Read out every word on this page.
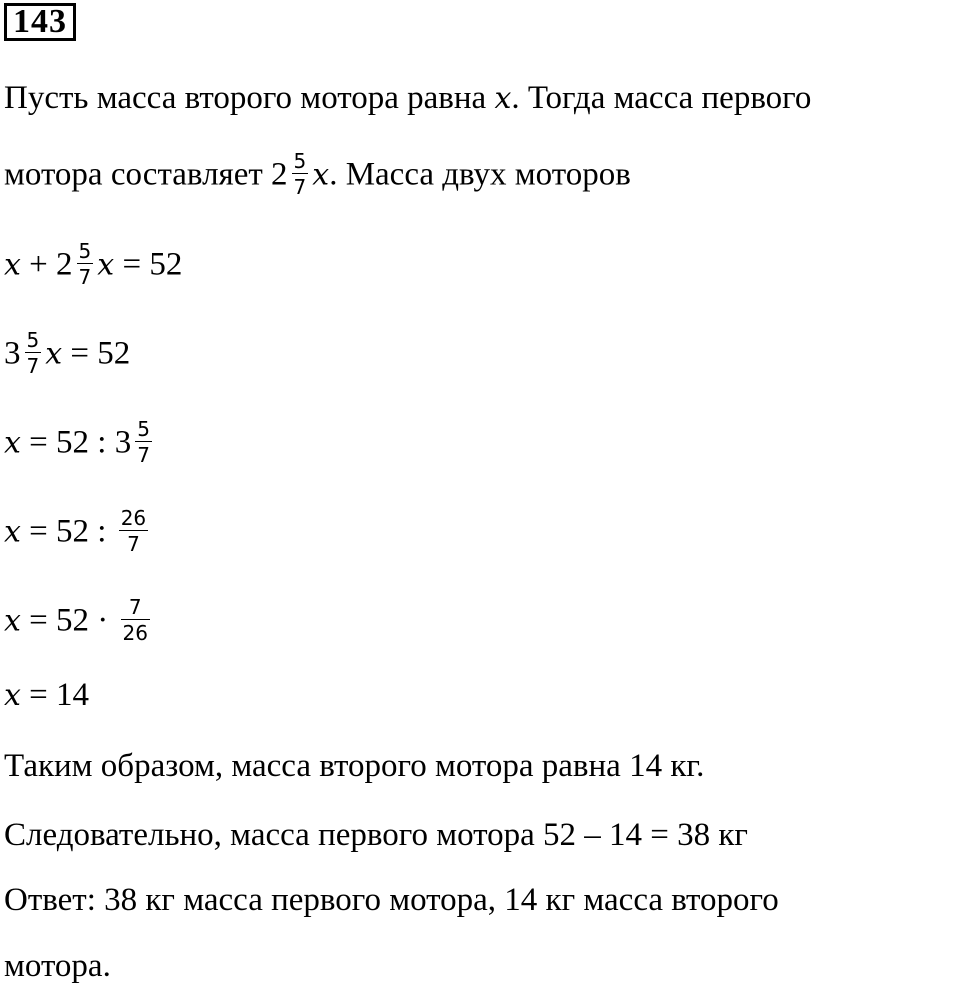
143
Пусть масса второго мотора равна x. Тогда масса первого
мотора составляет $2 \frac{5}{7} x$. Масса двух моторов
$x + 2 \frac{5}{7}$ x = 52
$3 \frac{5}{7}$ x = 52
x = 52 : $3 \frac{5}{7}$
x = 52 : $\frac{26}{7}$
$x = 52 \cdot \frac{7}{26}$
x = 14
Таким образом, масса второго мотора равна 14 кг.
Следовательно, масса первого мотора 52 – 14 = 38 кг
Ответ: 38 кг масса первого мотора, 14 кг масса второго
мотора.
